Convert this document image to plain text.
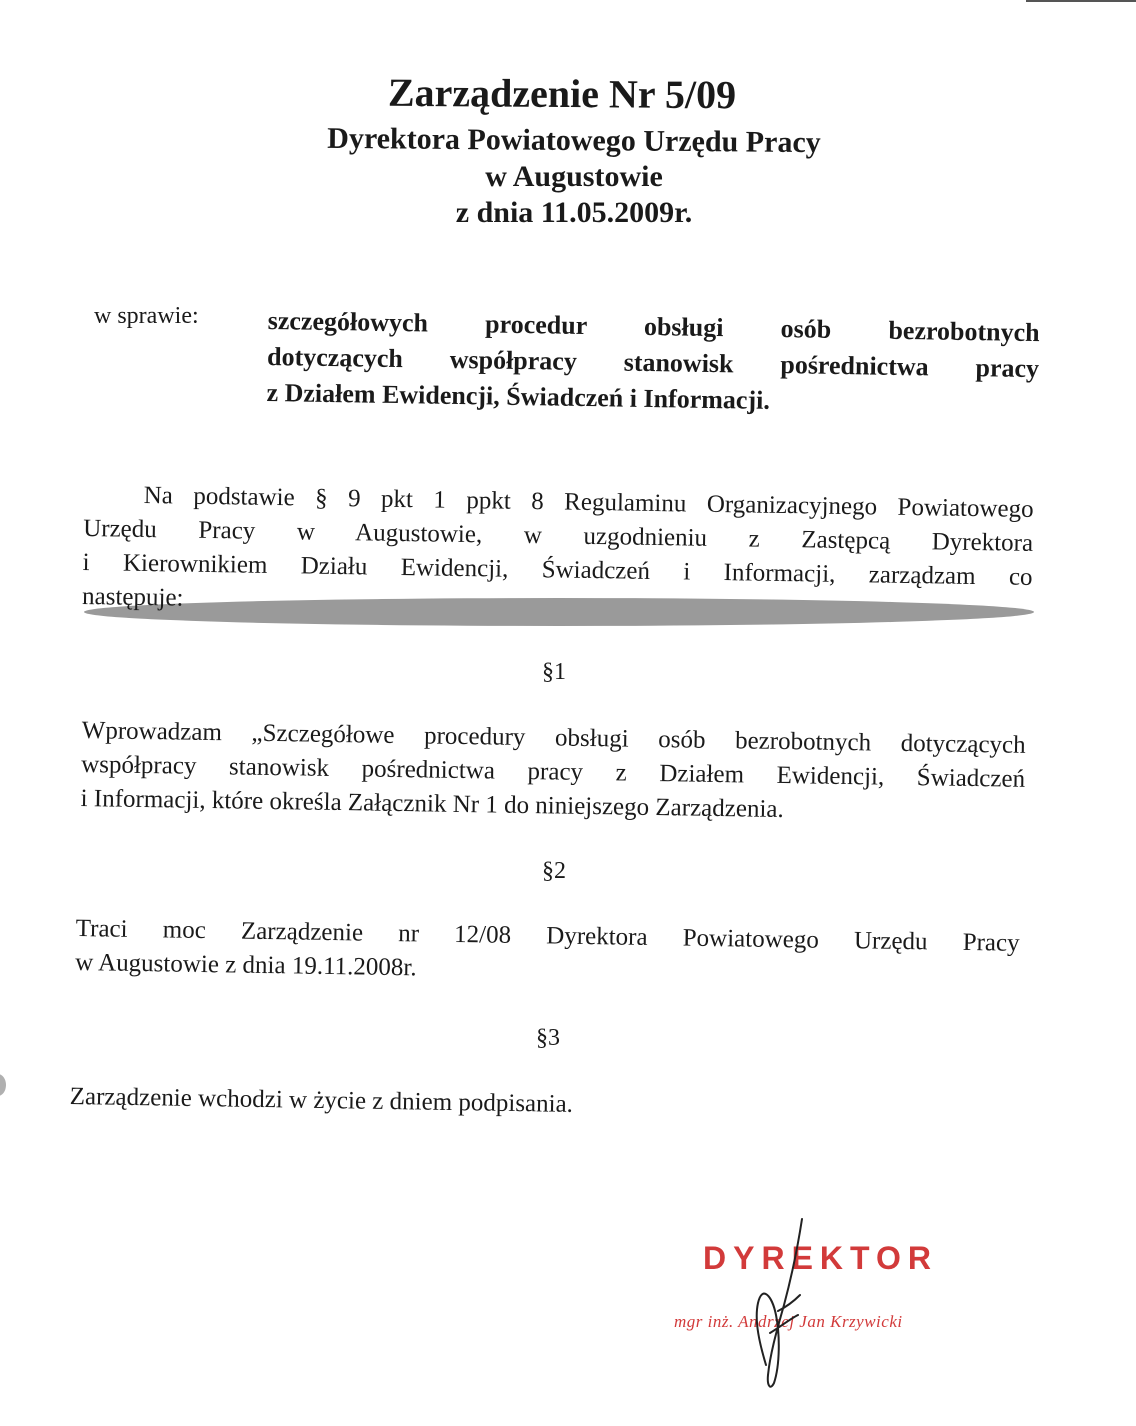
Zarządzenie Nr 5/09
Dyrektora Powiatowego Urzędu Pracy
w Augustowie
z dnia 11.05.2009r.
w sprawie:	szczegółowych procedur obsługi osób bezrobotnych
dotyczących współpracy stanowisk pośrednictwa pracy
z Działem Ewidencji, Świadczeń i Informacji.
Na podstawie § 9 pkt 1 ppkt 8 Regulaminu Organizacyjnego Powiatowego
Urzędu Pracy w Augustowie, w uzgodnieniu z Zastępcą Dyrektora
i Kierownikiem Działu Ewidencji, Świadczeń i Informacji, zarządzam co
następuje:
§1
Wprowadzam „Szczegółowe procedury obsługi osób bezrobotnych dotyczących
współpracy stanowisk pośrednictwa pracy z Działem Ewidencji, Świadczeń
i Informacji, które określa Załącznik Nr 1 do niniejszego Zarządzenia.
§2
Traci moc Zarządzenie nr 12/08 Dyrektora Powiatowego Urzędu Pracy
w Augustowie z dnia 19.11.2008r.
§3
Zarządzenie wchodzi w życie z dniem podpisania.
DYREKTOR
mgr inż. Andrzej Jan Krzywicki
